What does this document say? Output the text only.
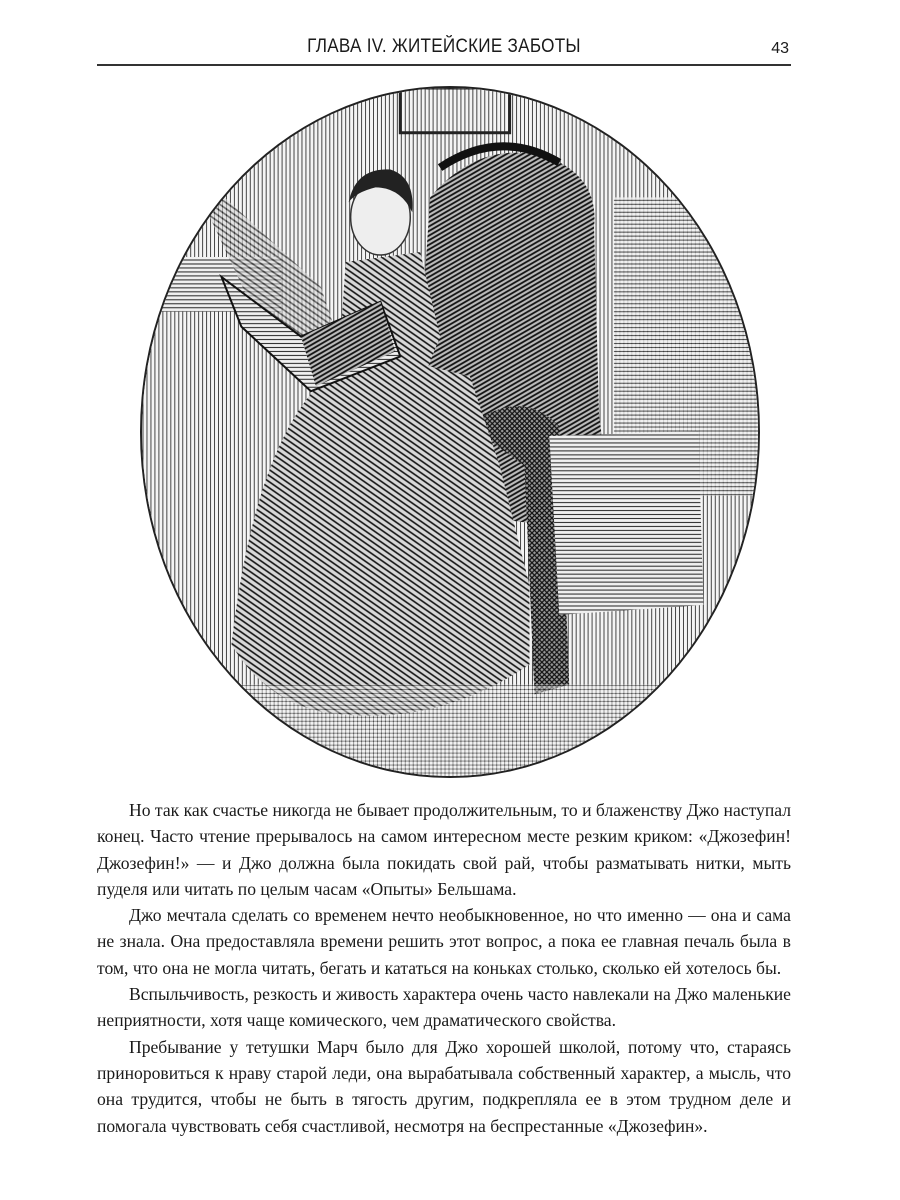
ГЛАВА IV. ЖИТЕЙСКИЕ ЗАБОТЫ	43

Но так как счастье никогда не бывает продолжительным, то и блаженству Джо наступал конец. Часто чтение прерывалось на самом интересном месте резким криком: «Джозефин! Джозефин!» — и Джо должна была покидать свой рай, чтобы разматывать нитки, мыть пуделя или читать по целым часам «Опыты» Бельшама.

Джо мечтала сделать со временем нечто необыкновенное, но что именно — она и сама не знала. Она предоставляла времени решить этот вопрос, а пока ее главная печаль была в том, что она не могла читать, бегать и кататься на коньках столько, сколько ей хотелось бы.

Вспыльчивость, резкость и живость характера очень часто навлекали на Джо маленькие неприятности, хотя чаще комического, чем драматического свойства.

Пребывание у тетушки Марч было для Джо хорошей школой, потому что, стараясь приноровиться к нраву старой леди, она вырабатывала собственный характер, а мысль, что она трудится, чтобы не быть в тягость другим, подкрепляла ее в этом трудном деле и помогала чувствовать себя счастливой, несмотря на беспрестанные «Джозефин».
